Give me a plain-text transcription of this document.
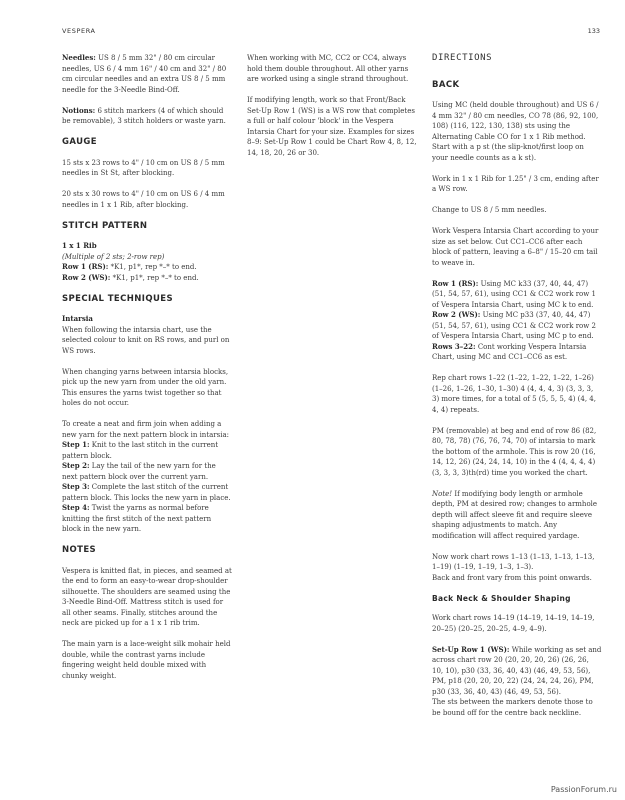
VESPERA	133

Needles: US 8 / 5 mm 32" / 80 cm circular needles, US 6 / 4 mm 16" / 40 cm and 32" / 80 cm circular needles and an extra US 8 / 5 mm needle for the 3-Needle Bind-Off.

Notions: 6 stitch markers (4 of which should be removable), 3 stitch holders or waste yarn.

GAUGE

15 sts x 23 rows to 4" / 10 cm on US 8 / 5 mm needles in St St, after blocking.

20 sts x 30 rows to 4" / 10 cm on US 6 / 4 mm needles in 1 x 1 Rib, after blocking.

STITCH PATTERN

1 x 1 Rib
(Multiple of 2 sts; 2-row rep)
Row 1 (RS): *K1, p1*, rep *–* to end.
Row 2 (WS): *K1, p1*, rep *–* to end.

SPECIAL TECHNIQUES

Intarsia
When following the intarsia chart, use the selected colour to knit on RS rows, and purl on WS rows.

When changing yarns between intarsia blocks, pick up the new yarn from under the old yarn. This ensures the yarns twist together so that holes do not occur.

To create a neat and firm join when adding a new yarn for the next pattern block in intarsia:
Step 1: Knit to the last stitch in the current pattern block.
Step 2: Lay the tail of the new yarn for the next pattern block over the current yarn.
Step 3: Complete the last stitch of the current pattern block. This locks the new yarn in place.
Step 4: Twist the yarns as normal before knitting the first stitch of the next pattern block in the new yarn.

NOTES

Vespera is knitted flat, in pieces, and seamed at the end to form an easy-to-wear drop-shoulder silhouette. The shoulders are seamed using the 3-Needle Bind-Off. Mattress stitch is used for all other seams. Finally, stitches around the neck are picked up for a 1 x 1 rib trim.

The main yarn is a lace-weight silk mohair held double, while the contrast yarns include fingering weight held double mixed with chunky weight.

When working with MC, CC2 or CC4, always hold them double throughout. All other yarns are worked using a single strand throughout.

If modifying length, work so that Front/Back Set-Up Row 1 (WS) is a WS row that completes a full or half colour 'block' in the Vespera Intarsia Chart for your size. Examples for sizes 8–9: Set-Up Row 1 could be Chart Row 4, 8, 12, 14, 18, 20, 26 or 30.

DIRECTIONS
BACK

Using MC (held double throughout) and US 6 / 4 mm 32" / 80 cm needles, CO 78 (86, 92, 100, 108) (116, 122, 130, 138) sts using the Alternating Cable CO for 1 x 1 Rib method. Start with a p st (the slip-knot/first loop on your needle counts as a k st).

Work in 1 x 1 Rib for 1.25" / 3 cm, ending after a WS row.

Change to US 8 / 5 mm needles.

Work Vespera Intarsia Chart according to your size as set below. Cut CC1–CC6 after each block of pattern, leaving a 6–8" / 15–20 cm tail to weave in.

Row 1 (RS): Using MC k33 (37, 40, 44, 47) (51, 54, 57, 61), using CC1 & CC2 work row 1 of Vespera Intarsia Chart, using MC k to end.
Row 2 (WS): Using MC p33 (37, 40, 44, 47) (51, 54, 57, 61), using CC1 & CC2 work row 2 of Vespera Intarsia Chart, using MC p to end.
Rows 3–22: Cont working Vespera Intarsia Chart, using MC and CC1–CC6 as est.

Rep chart rows 1–22 (1–22, 1–22, 1–22, 1–26) (1–26, 1–26, 1–30, 1–30) 4 (4, 4, 4, 3) (3, 3, 3, 3) more times, for a total of 5 (5, 5, 5, 4) (4, 4, 4, 4) repeats.

PM (removable) at beg and end of row 86 (82, 80, 78, 78) (76, 76, 74, 70) of intarsia to mark the bottom of the armhole. This is row 20 (16, 14, 12, 26) (24, 24, 14, 10) in the 4 (4, 4, 4, 4) (3, 3, 3, 3)th(rd) time you worked the chart.

Note! If modifying body length or armhole depth, PM at desired row; changes to armhole depth will affect sleeve fit and require sleeve shaping adjustments to match. Any modification will affect required yardage.

Now work chart rows 1–13 (1–13, 1–13, 1–13, 1–19) (1–19, 1–19, 1–3, 1–3).
Back and front vary from this point onwards.

Back Neck & Shoulder Shaping

Work chart rows 14–19 (14–19, 14–19, 14–19, 20–25) (20–25, 20–25, 4–9, 4–9).

Set-Up Row 1 (WS): While working as set and across chart row 20 (20, 20, 20, 26) (26, 26, 10, 10), p30 (33, 36, 40, 43) (46, 49, 53, 56), PM, p18 (20, 20, 20, 22) (24, 24, 24, 26), PM, p30 (33, 36, 40, 43) (46, 49, 53, 56).
The sts between the markers denote those to be bound off for the centre back neckline.

PassionForum.ru
